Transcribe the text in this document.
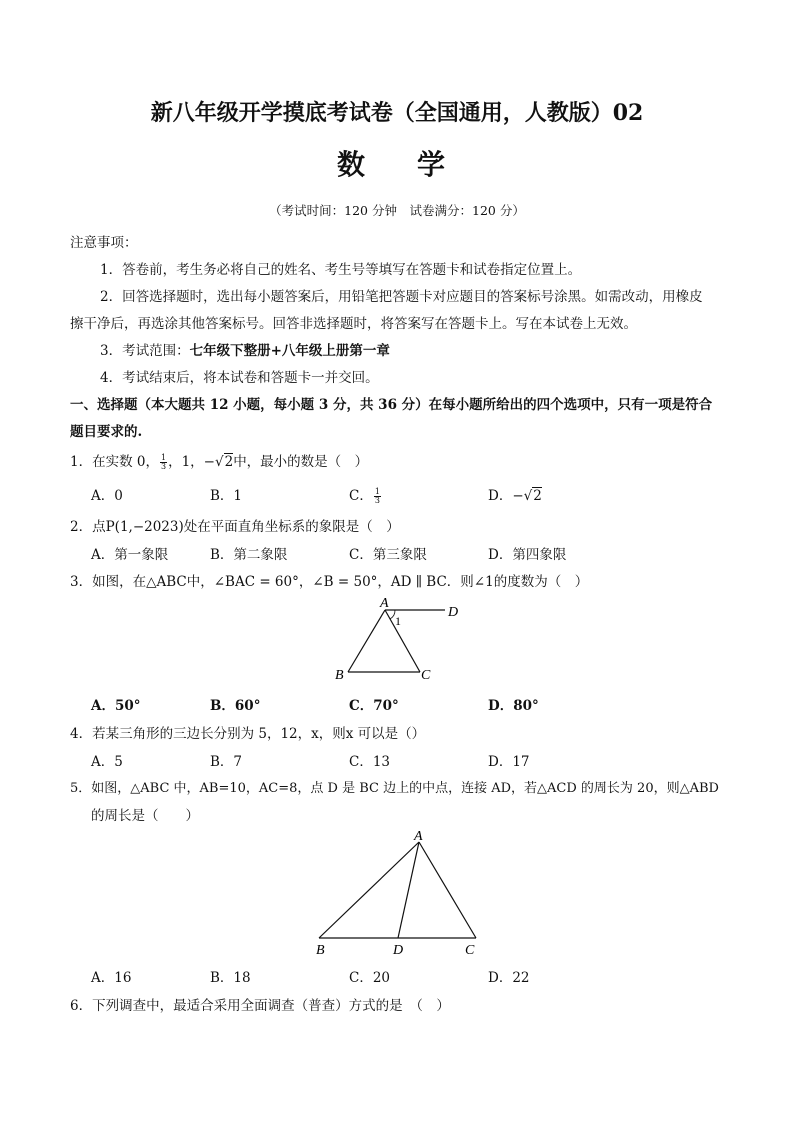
新八年级开学摸底考试卷（全国通用，人教版）02
数学
（考试时间：120 分钟　试卷满分：120 分）
注意事项：
1．答卷前，考生务必将自己的姓名、考生号等填写在答题卡和试卷指定位置上。
2．回答选择题时，选出每小题答案后，用铅笔把答题卡对应题目的答案标号涂黑。如需改动，用橡皮
擦干净后，再选涂其他答案标号。回答非选择题时，将答案写在答题卡上。写在本试卷上无效。
3．考试范围：七年级下整册+八年级上册第一章
4．考试结束后，将本试卷和答题卡一并交回。
一、选择题（本大题共 12 小题，每小题 3 分，共 36 分）在每小题所给出的四个选项中，只有一项是符合
题目要求的.
1．在实数 0， $\frac{1}{3}$ ，1，−√2中，最小的数是（　）
A．0	B．1	C． $\frac{1}{3}$	D．−√2
2．点P(1,−2023)处在平面直角坐标系的象限是（　）
A．第一象限	B．第二象限	C．第三象限	D．第四象限
3．如图，在△ABC中，∠BAC = 60°，∠B = 50°，AD ∥ BC．则∠1的度数为（　）
A
D
B	C
1
A．50°	B．60°	C．70°	D．80°
4．若某三角形的三边长分别为 5，12，x，则x 可以是（）
A．5	B．7	C．13	D．17
5．如图，△ABC 中，AB=10，AC=8，点 D 是 BC 边上的中点，连接 AD，若△ACD 的周长为 20，则△ABD
的周长是（　　）
A
B	D	C
A．16	B．18	C．20	D．22
6．下列调查中，最适合采用全面调查（普查）方式的是　（　）
